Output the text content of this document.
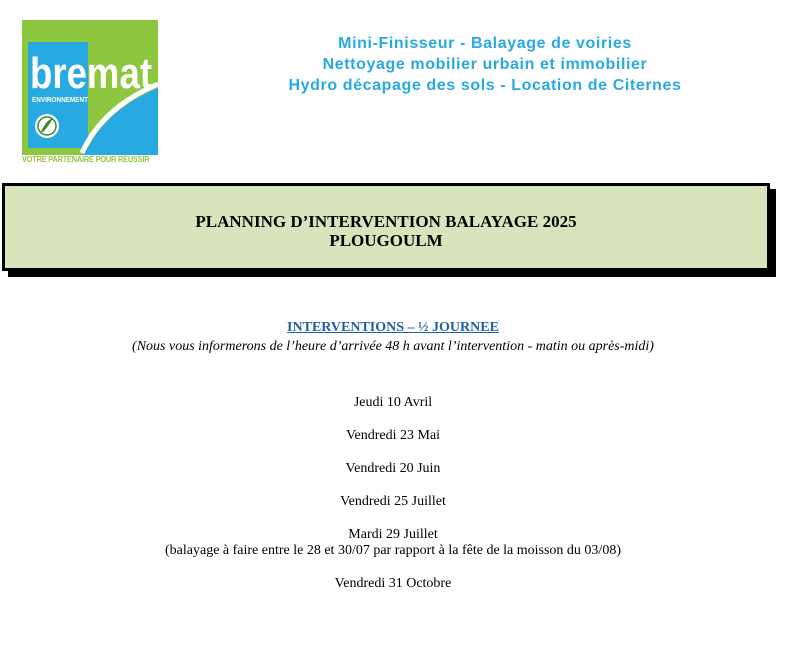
bremat
ENVIRONNEMENT
VOTRE PARTENAIRE POUR RÉUSSIR
Mini-Finisseur - Balayage de voiries
Nettoyage mobilier urbain et immobilier
Hydro décapage des sols - Location de Citernes
PLANNING D’INTERVENTION BALAYAGE 2025
PLOUGOULM
INTERVENTIONS – ½ JOURNEE
(Nous vous informerons de l’heure d’arrivée 48 h avant l’intervention - matin ou après-midi)
Jeudi 10 Avril
Vendredi 23 Mai
Vendredi 20 Juin
Vendredi 25 Juillet
Mardi 29 Juillet
(balayage à faire entre le 28 et 30/07 par rapport à la fête de la moisson du 03/08)
Vendredi 31 Octobre
